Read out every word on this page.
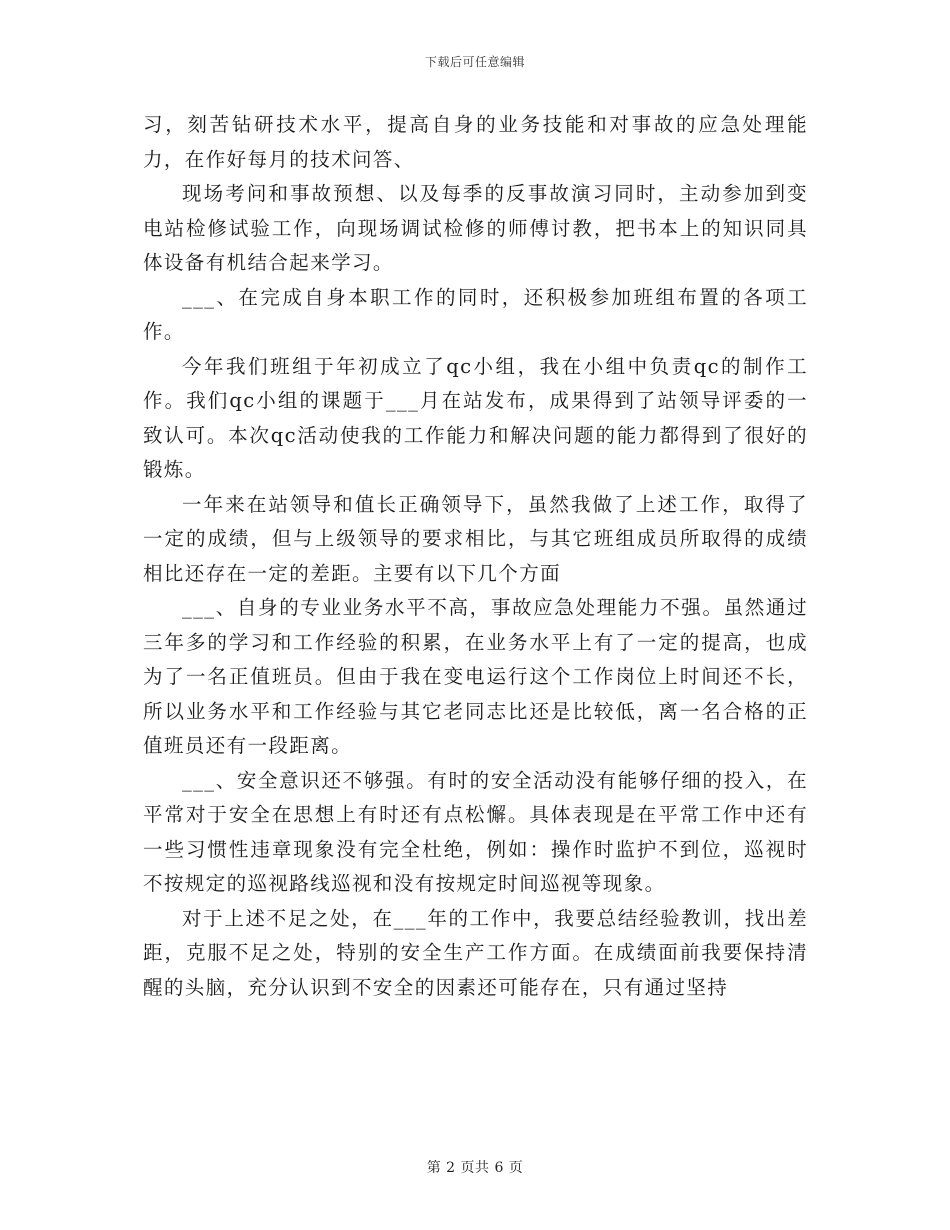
下载后可任意编辑

习，刻苦钻研技术水平，提高自身的业务技能和对事故的应急处理能力，在作好每月的技术问答、

现场考问和事故预想、以及每季的反事故演习同时，主动参加到变电站检修试验工作，向现场调试检修的师傅讨教，把书本上的知识同具体设备有机结合起来学习。

___、在完成自身本职工作的同时，还积极参加班组布置的各项工作。

今年我们班组于年初成立了qc小组，我在小组中负责qc的制作工作。我们qc小组的课题于___月在站发布，成果得到了站领导评委的一致认可。本次qc活动使我的工作能力和解决问题的能力都得到了很好的锻炼。

一年来在站领导和值长正确领导下，虽然我做了上述工作，取得了一定的成绩，但与上级领导的要求相比，与其它班组成员所取得的成绩相比还存在一定的差距。主要有以下几个方面

___、自身的专业业务水平不高，事故应急处理能力不强。虽然通过三年多的学习和工作经验的积累，在业务水平上有了一定的提高，也成为了一名正值班员。但由于我在变电运行这个工作岗位上时间还不长，所以业务水平和工作经验与其它老同志比还是比较低，离一名合格的正值班员还有一段距离。

___、安全意识还不够强。有时的安全活动没有能够仔细的投入，在平常对于安全在思想上有时还有点松懈。具体表现是在平常工作中还有一些习惯性违章现象没有完全杜绝，例如：操作时监护不到位，巡视时不按规定的巡视路线巡视和没有按规定时间巡视等现象。

对于上述不足之处，在___年的工作中，我要总结经验教训，找出差距，克服不足之处，特别的安全生产工作方面。在成绩面前我要保持清醒的头脑，充分认识到不安全的因素还可能存在，只有通过坚持

第 2 页共 6 页
